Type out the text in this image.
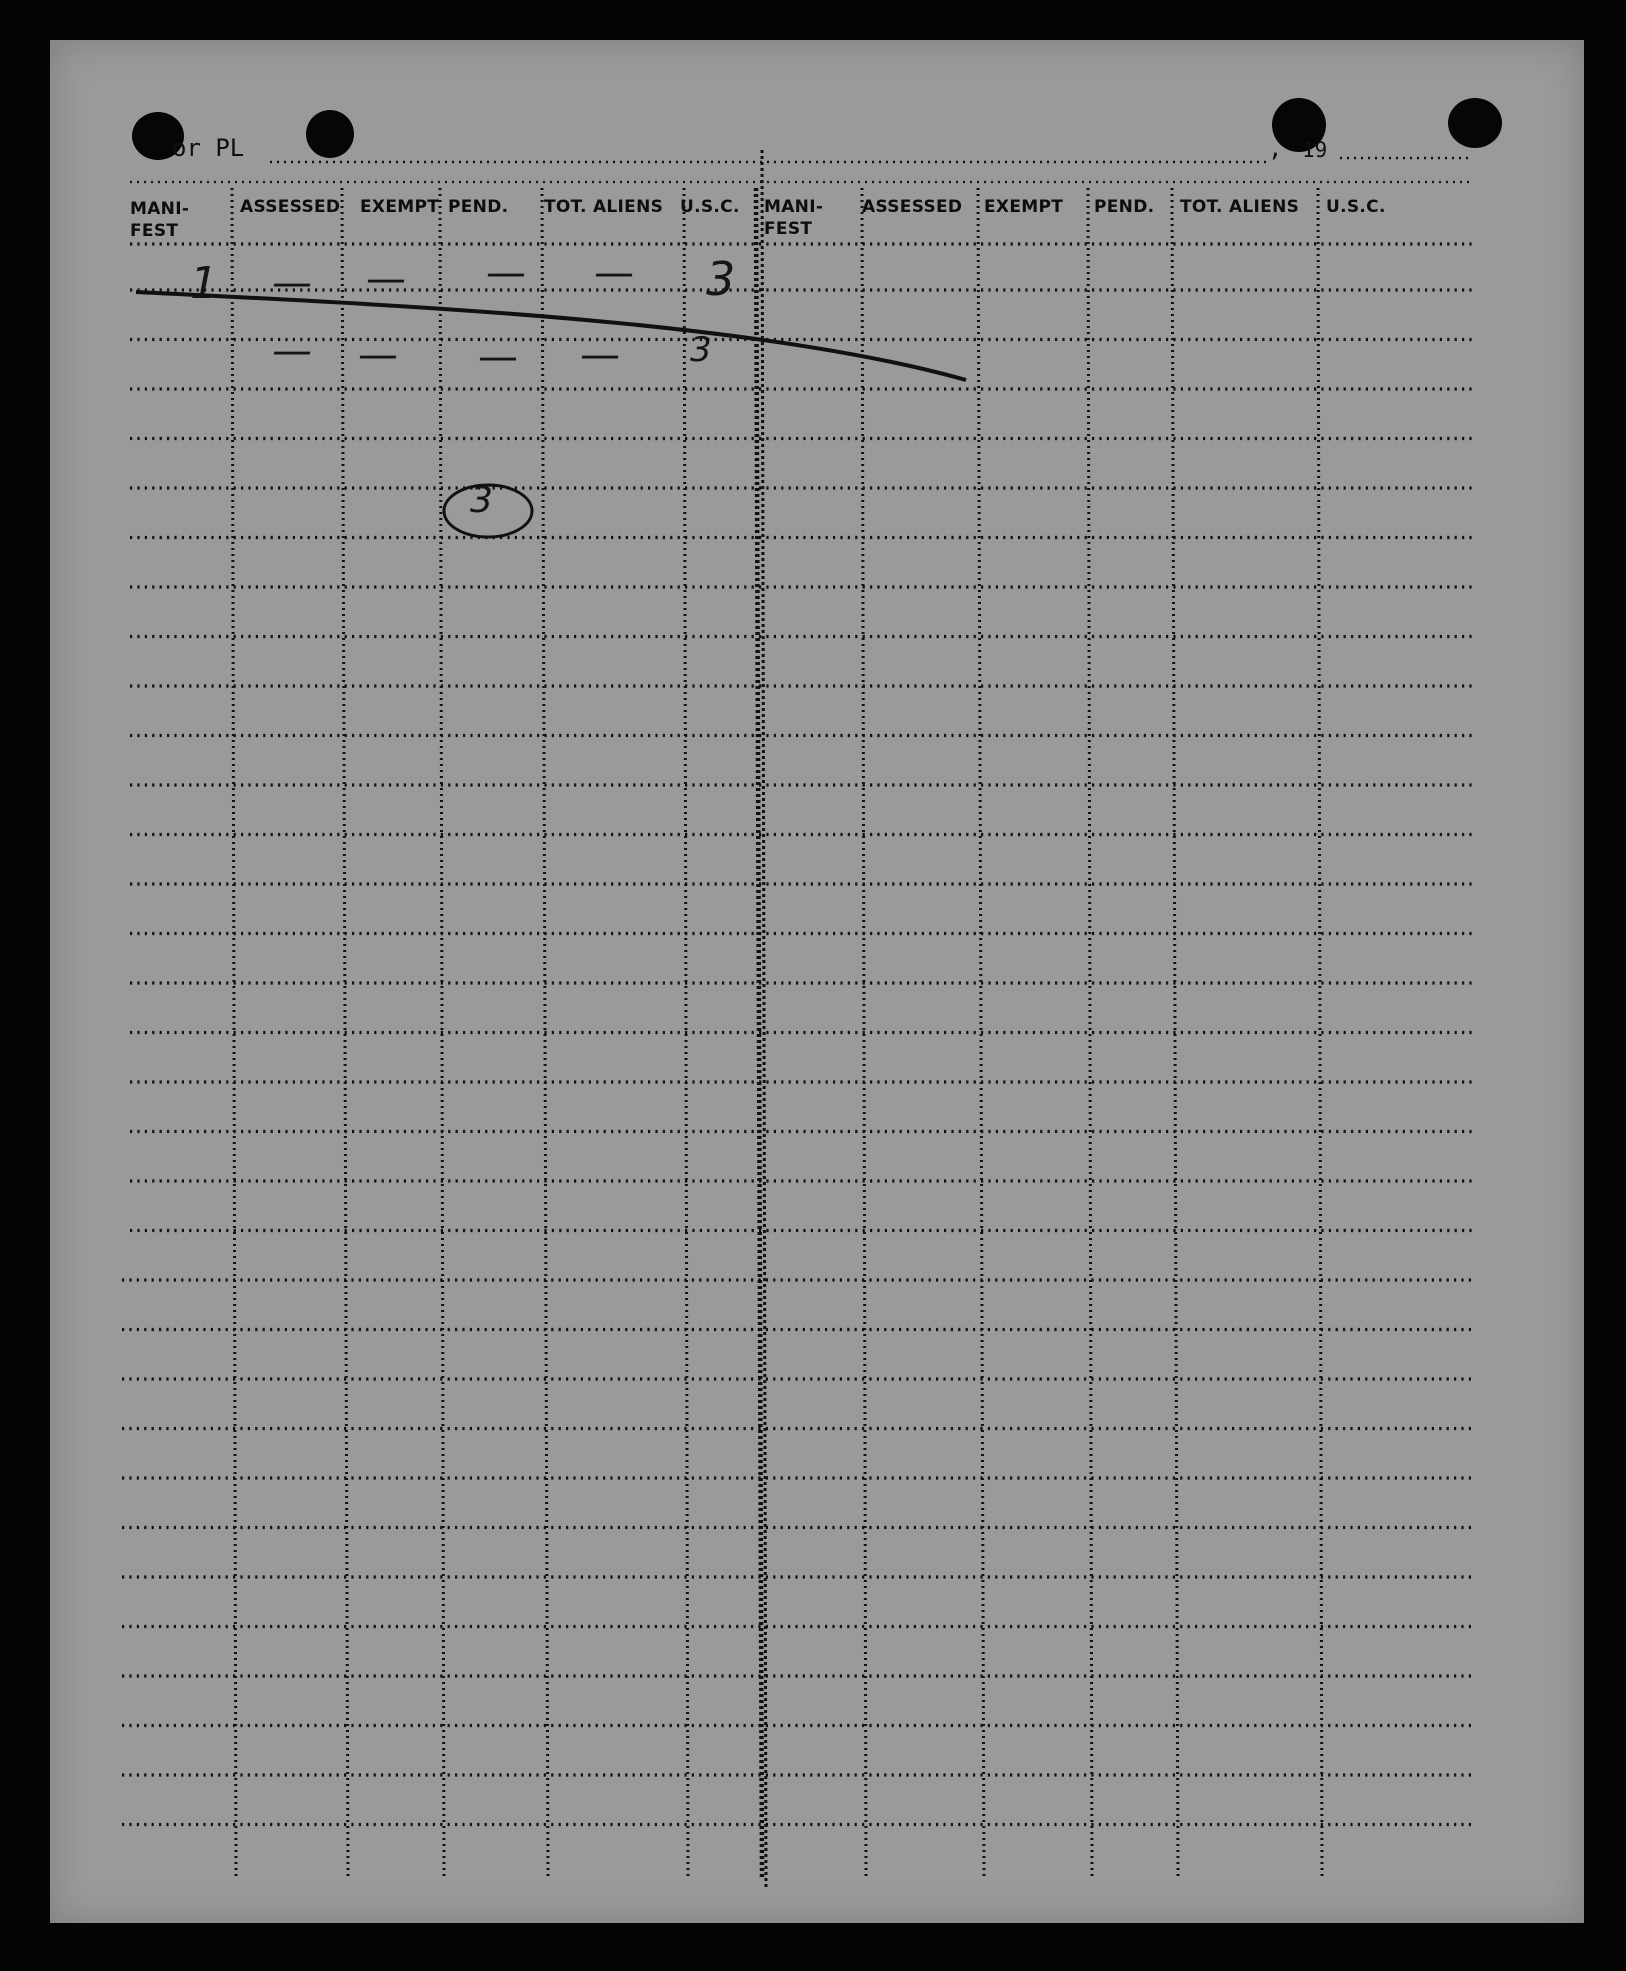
or PL	, 19
MANI-
FEST
ASSESSED EXEMPT PEND. TOT. ALIENS U.S.C. MANI-
FEST
ASSESSED EXEMPT PEND. TOT. ALIENS U.S.C.
1 — — — — 3
— — — — 3
3
